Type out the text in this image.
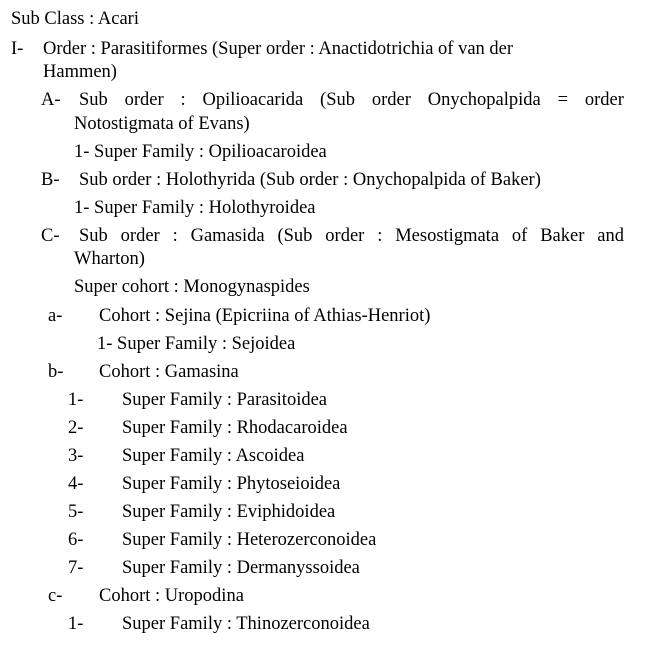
Sub Class : Acari
I- Order : Parasitiformes (Super order : Anactidotrichia of van der
Hammen)
A- Sub order : Opilioacarida (Sub order Onychopalpida = order
Notostigmata of Evans)
1- Super Family : Opilioacaroidea
B- Sub order : Holothyrida (Sub order : Onychopalpida of Baker)
1- Super Family : Holothyroidea
C- Sub order : Gamasida (Sub order : Mesostigmata of Baker and
Wharton)
Super cohort : Monogynaspides
a- Cohort : Sejina (Epicriina of Athias-Henriot)
1- Super Family : Sejoidea
b- Cohort : Gamasina
1- Super Family : Parasitoidea
2- Super Family : Rhodacaroidea
3- Super Family : Ascoidea
4- Super Family : Phytoseioidea
5- Super Family : Eviphidoidea
6- Super Family : Heterozerconoidea
7- Super Family : Dermanyssoidea
c- Cohort : Uropodina
1- Super Family : Thinozerconoidea
